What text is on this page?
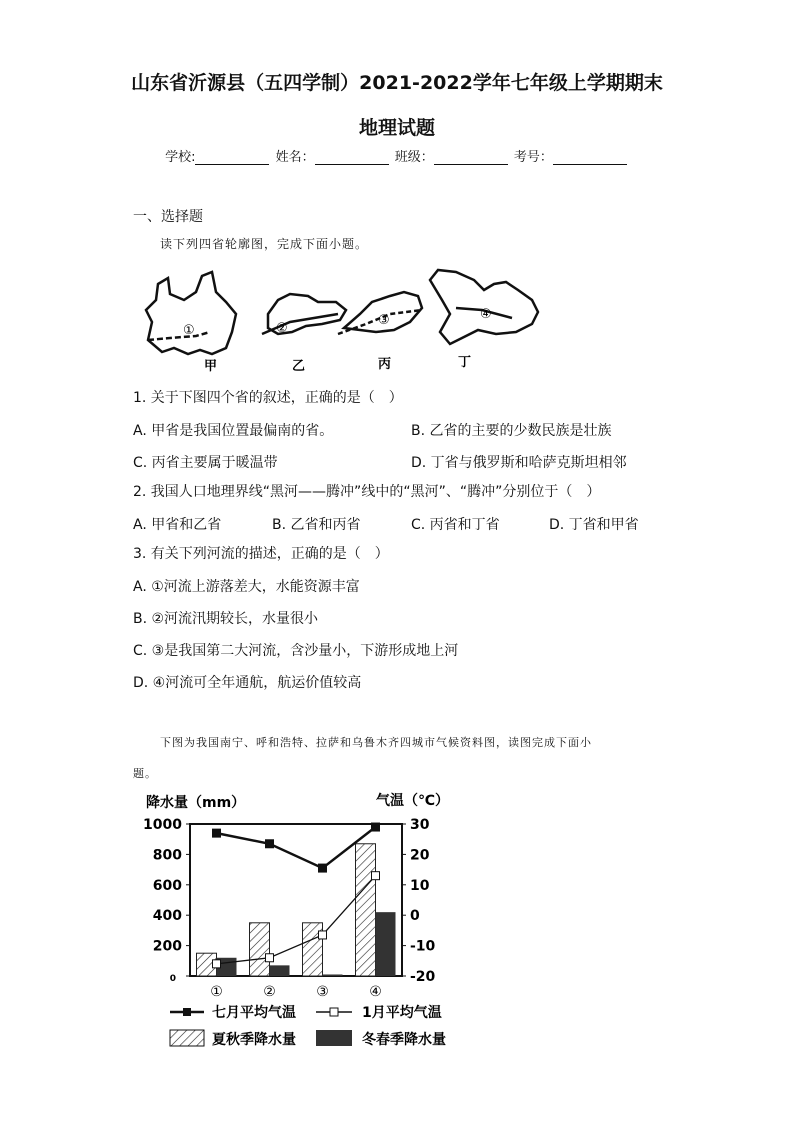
山东省沂源县（五四学制）2021-2022学年七年级上学期期末
地理试题
学校:	姓名：	班级：	考号：
一、选择题
读下列四省轮廓图，完成下面小题。
①	②
③	④
甲	乙	丙	丁
1. 关于下图四个省的叙述，正确的是（　）
A. 甲省是我国位置最偏南的省。	B. 乙省的主要的少数民族是壮族
C. 丙省主要属于暖温带	D. 丁省与俄罗斯和哈萨克斯坦相邻
2. 我国人口地理界线“黑河——腾冲”线中的“黑河”、“腾冲”分别位于（　）
A. 甲省和乙省	B. 乙省和丙省	C. 丙省和丁省	D. 丁省和甲省
3. 有关下列河流的描述，正确的是（　）
A. ①河流上游落差大，水能资源丰富
B. ②河流汛期较长，水量很小
C. ③是我国第二大河流，含沙量小，下游形成地上河
D. ④河流可全年通航，航运价值较高
下图为我国南宁、呼和浩特、拉萨和乌鲁木齐四城市气候资料图，读图完成下面小
题。
降水量（mm）	气温（℃）
0
200
400
600
800
1000
-20
-10
0
10
20
30
①	②	③	④
七月平均气温	1月平均气温
夏秋季降水量	冬春季降水量
